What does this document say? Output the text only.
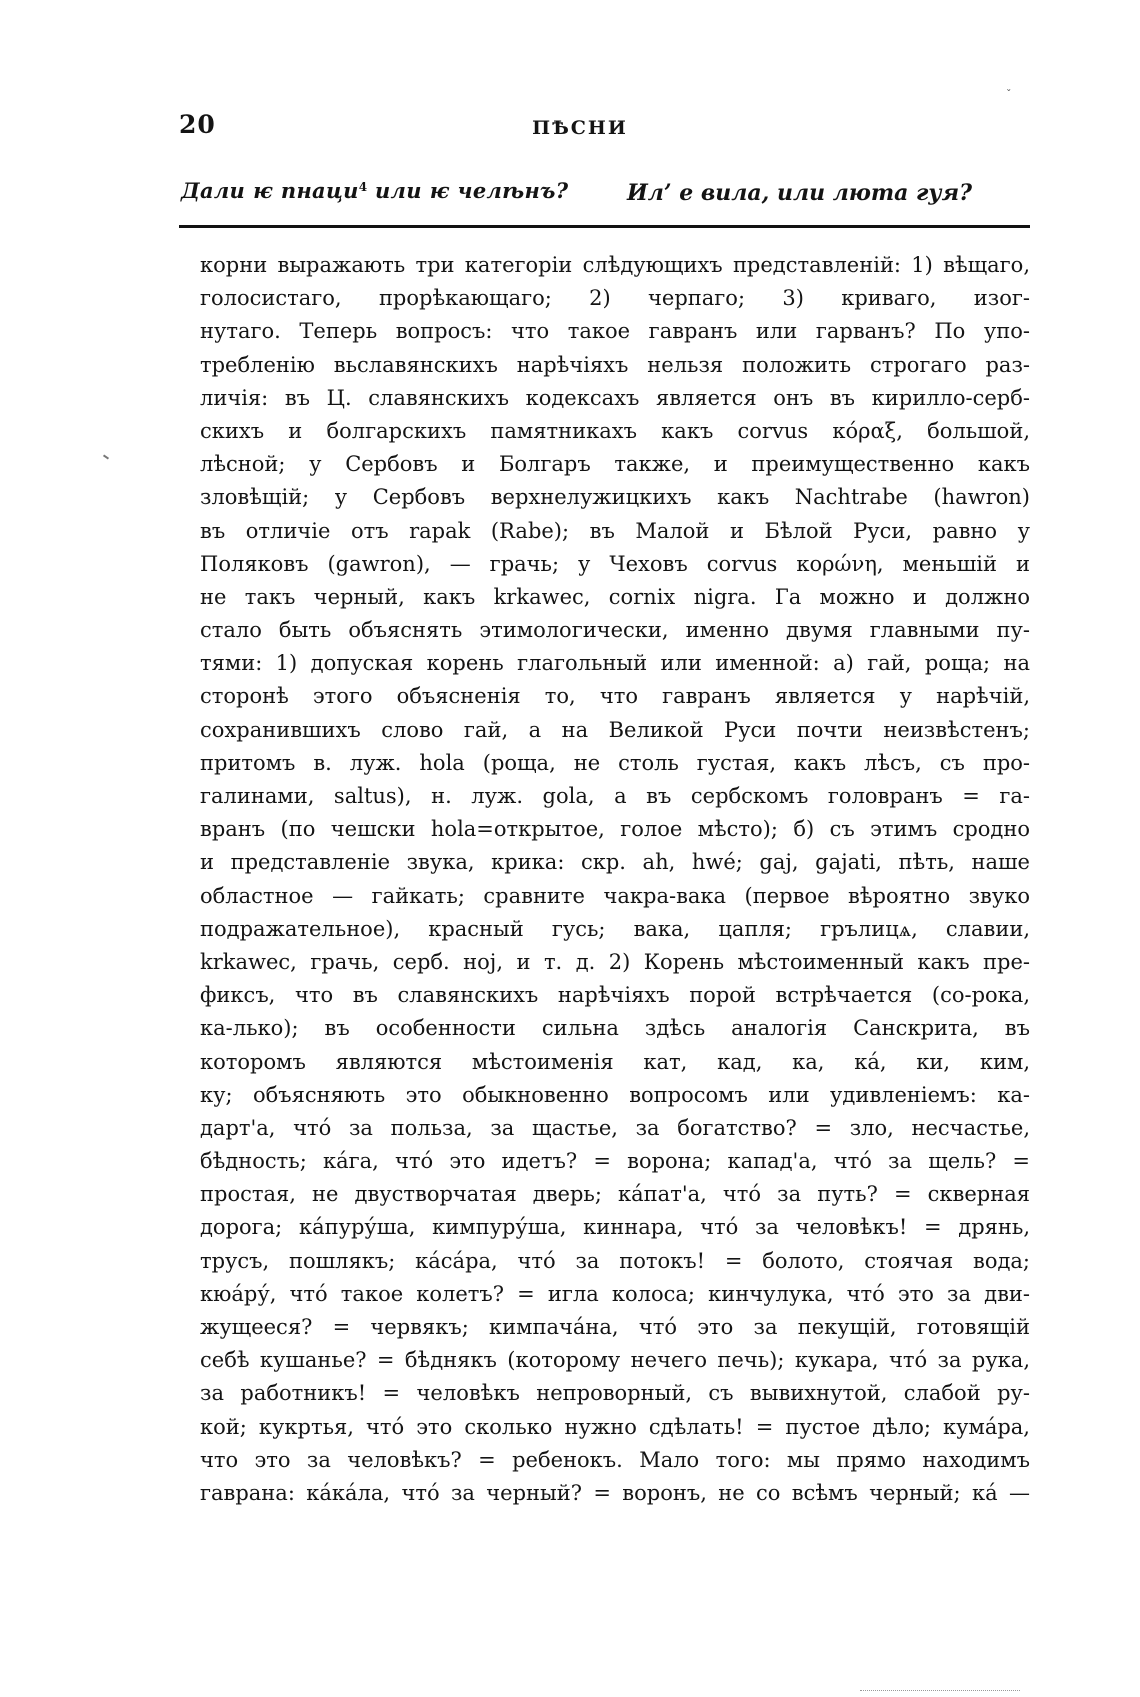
ˇ
20	ПѢСНИ
Дали ѥ пнаци$^4$ или ѥ челѣнъ?	Ил’ е вила, или люта гуя?
корни выражають три категоріи слѣдующихъ представленій: 1) вѣщаго,
голосистаго, прорѣкающаго; 2) черпаго; 3) криваго, изог-
нутаго. Теперь вопросъ: что такое гавранъ или гарванъ? По упо-
требленію вьславянскихъ нарѣчіяхъ нельзя положить строгаго раз-
личія: въ Ц. славянскихъ кодексахъ является онъ въ кирилло-серб-
скихъ и болгарскихъ памятникахъ какъ corvus κόραξ, большой,
лѣсной; у Сербовъ и Болгаръ также, и преимущественно какъ
зловѣщій; у Сербовъ верхнелужицкихъ какъ Nachtrabe (hawron)
въ отличіе отъ rapak (Rabe); въ Малой и Бѣлой Руси, равно у
Поляковъ (gawron), — грачь; у Чеховъ corvus κορώνη, меньшій и
не такъ черный, какъ krkawec, cornix nigra. Га можно и должно
стало быть объяснять этимологически, именно двумя главными пу-
тями: 1) допуская корень глагольный или именной: а) гай, роща; на
сторонѣ этого объясненія то, что гавранъ является у нарѣчій,
сохранившихъ слово гай, а на Великой Руси почти неизвѣстенъ;
притомъ в. луж. hola (роща, не столь густая, какъ лѣсъ, съ про-
галинами, saltus), н. луж. gola, а въ сербскомъ головранъ = га-
вранъ (по чешски hola=открытое, голое мѣсто); б) съ этимъ сродно
и представленіе звука, крика: скр. ah, hwé; gaj, gajati, пѣть, наше
областное — гайкать; сравните чакра-вака (первое вѣроятно звуко
подражательное), красный гусь; вака, цапля; грълицѧ, славии,
krkawec, грачь, серб. ној, и т. д. 2) Корень мѣстоименный какъ пре-
фиксъ, что въ славянскихъ нарѣчіяхъ порой встрѣчается (со-рока,
ка-лько); въ особенности сильна здѣсь аналогія Санскрита, въ
которомъ являются мѣстоименія кат, кад, ка, ка́, ки, ким,
ку; объясняють это обыкновенно вопросомъ или удивленіемъ: ка-
дарт'а, что́ за польза, за щастье, за богатство? = зло, несчастье,
бѣдность; ка́га, что́ это идетъ? = ворона; капад'а, что́ за щель? =
простая, не двустворчатая дверь; ка́пат'а, что́ за путь? = скверная
дорога; ка́пуру́ша, кимпуру́ша, киннара, что́ за человѣкъ! = дрянь,
трусъ, пошлякъ; ка́са́ра, что́ за потокъ! = болото, стоячая вода;
кюа́ру́, что́ такое колетъ? = игла колоса; кинчулука, что́ это за дви-
жущееся? = червякъ; кимпача́на, что́ это за пекущій, готовящій
себѣ кушанье? = бѣднякъ (которому нечего печь); кукара, что́ за рука,
за работникъ! = человѣкъ непроворный, съ вывихнутой, слабой ру-
кой; кукртья, что́ это сколько нужно сдѣлать! = пустое дѣло; кума́ра,
что это за человѣкъ? = ребенокъ. Мало того: мы прямо находимъ
гаврана: ка́ка́ла, что́ за черный? = воронъ, не со всѣмъ черный; ка́ —
